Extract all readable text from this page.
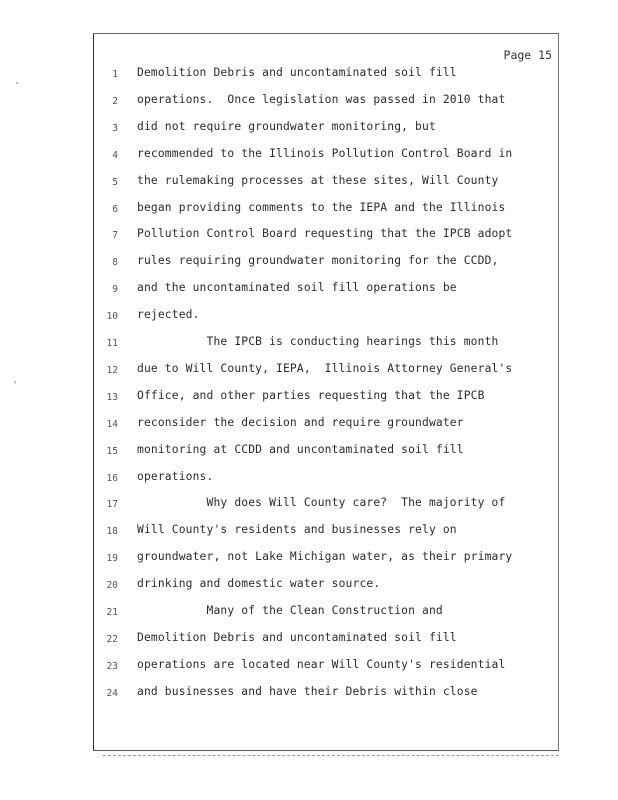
Page 15
1 Demolition Debris and uncontaminated soil fill
2 operations.  Once legislation was passed in 2010 that
3 did not require groundwater monitoring, but
4 recommended to the Illinois Pollution Control Board in
5 the rulemaking processes at these sites, Will County
6 began providing comments to the IEPA and the Illinois
7 Pollution Control Board requesting that the IPCB adopt
8 rules requiring groundwater monitoring for the CCDD,
9 and the uncontaminated soil fill operations be
10 rejected.
11 The IPCB is conducting hearings this month
12 due to Will County, IEPA,  Illinois Attorney General's
13 Office, and other parties requesting that the IPCB
14 reconsider the decision and require groundwater
15 monitoring at CCDD and uncontaminated soil fill
16 operations.
17 Why does Will County care?  The majority of
18 Will County's residents and businesses rely on
19 groundwater, not Lake Michigan water, as their primary
20 drinking and domestic water source.
21 Many of the Clean Construction and
22 Demolition Debris and uncontaminated soil fill
23 operations are located near Will County's residential
24 and businesses and have their Debris within close
·
'
